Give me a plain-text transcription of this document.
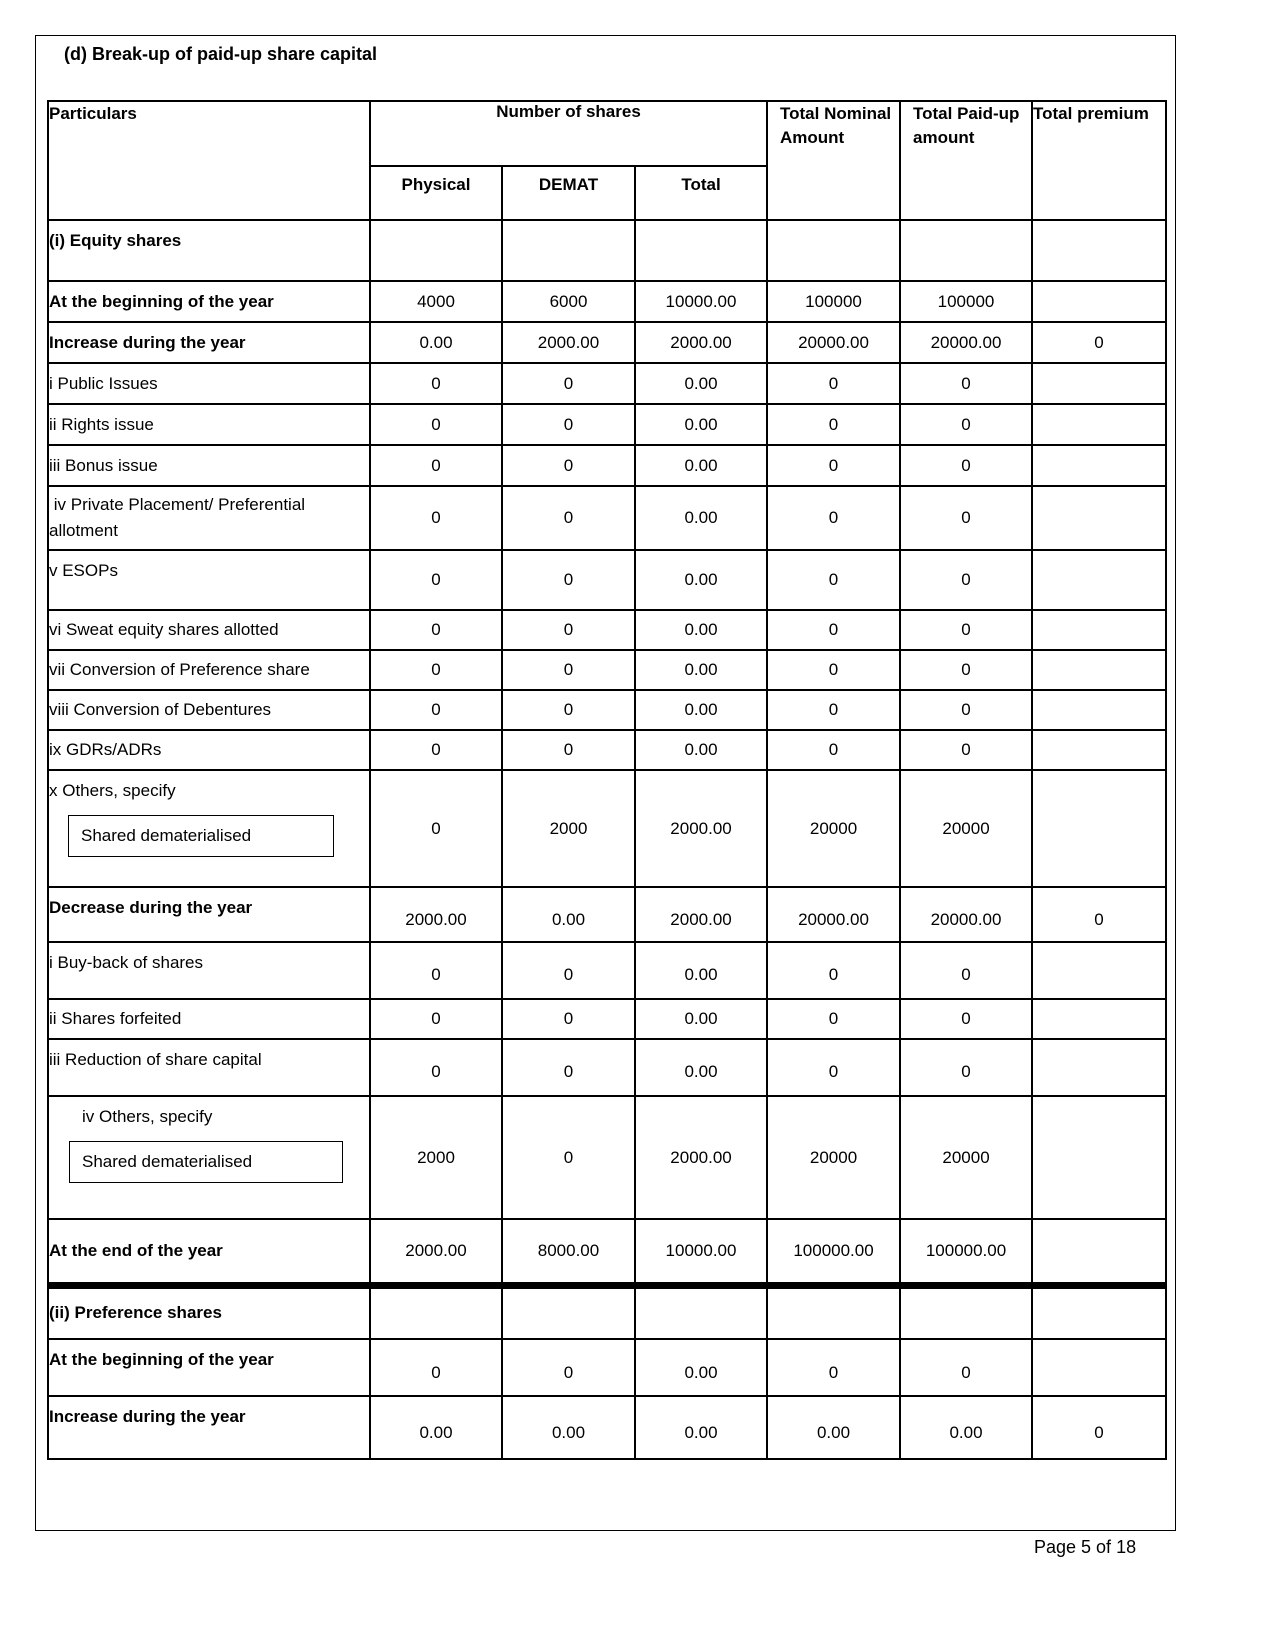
(d) Break-up of paid-up share capital
Particulars	Number of shares			Total Nominal Amount	Total Paid-up amount	Total premium
	Physical	DEMAT	Total			
(i) Equity shares						
At the beginning of the year	4000	6000	10000.00	100000	100000	
Increase during the year	0.00	2000.00	2000.00	20000.00	20000.00	0
i Public Issues	0	0	0.00	0	0	
ii Rights issue	0	0	0.00	0	0	
iii Bonus issue	0	0	0.00	0	0	
iv Private Placement/ Preferential allotment	0	0	0.00	0	0	
v ESOPs	0	0	0.00	0	0	
vi Sweat equity shares allotted	0	0	0.00	0	0	
vii Conversion of Preference share	0	0	0.00	0	0	
viii Conversion of Debentures	0	0	0.00	0	0	
ix GDRs/ADRs	0	0	0.00	0	0	
x Others, specify
Shared dematerialised	0	2000	2000.00	20000	20000	
Decrease during the year	2000.00	0.00	2000.00	20000.00	20000.00	0
i Buy-back of shares	0	0	0.00	0	0	
ii Shares forfeited	0	0	0.00	0	0	
iii Reduction of share capital	0	0	0.00	0	0	
iv Others, specify
Shared dematerialised	2000	0	2000.00	20000	20000	
At the end of the year	2000.00	8000.00	10000.00	100000.00	100000.00	
(ii) Preference shares						
At the beginning of the year	0	0	0.00	0	0	
Increase during the year	0.00	0.00	0.00	0.00	0.00	0
Page 5 of 18
